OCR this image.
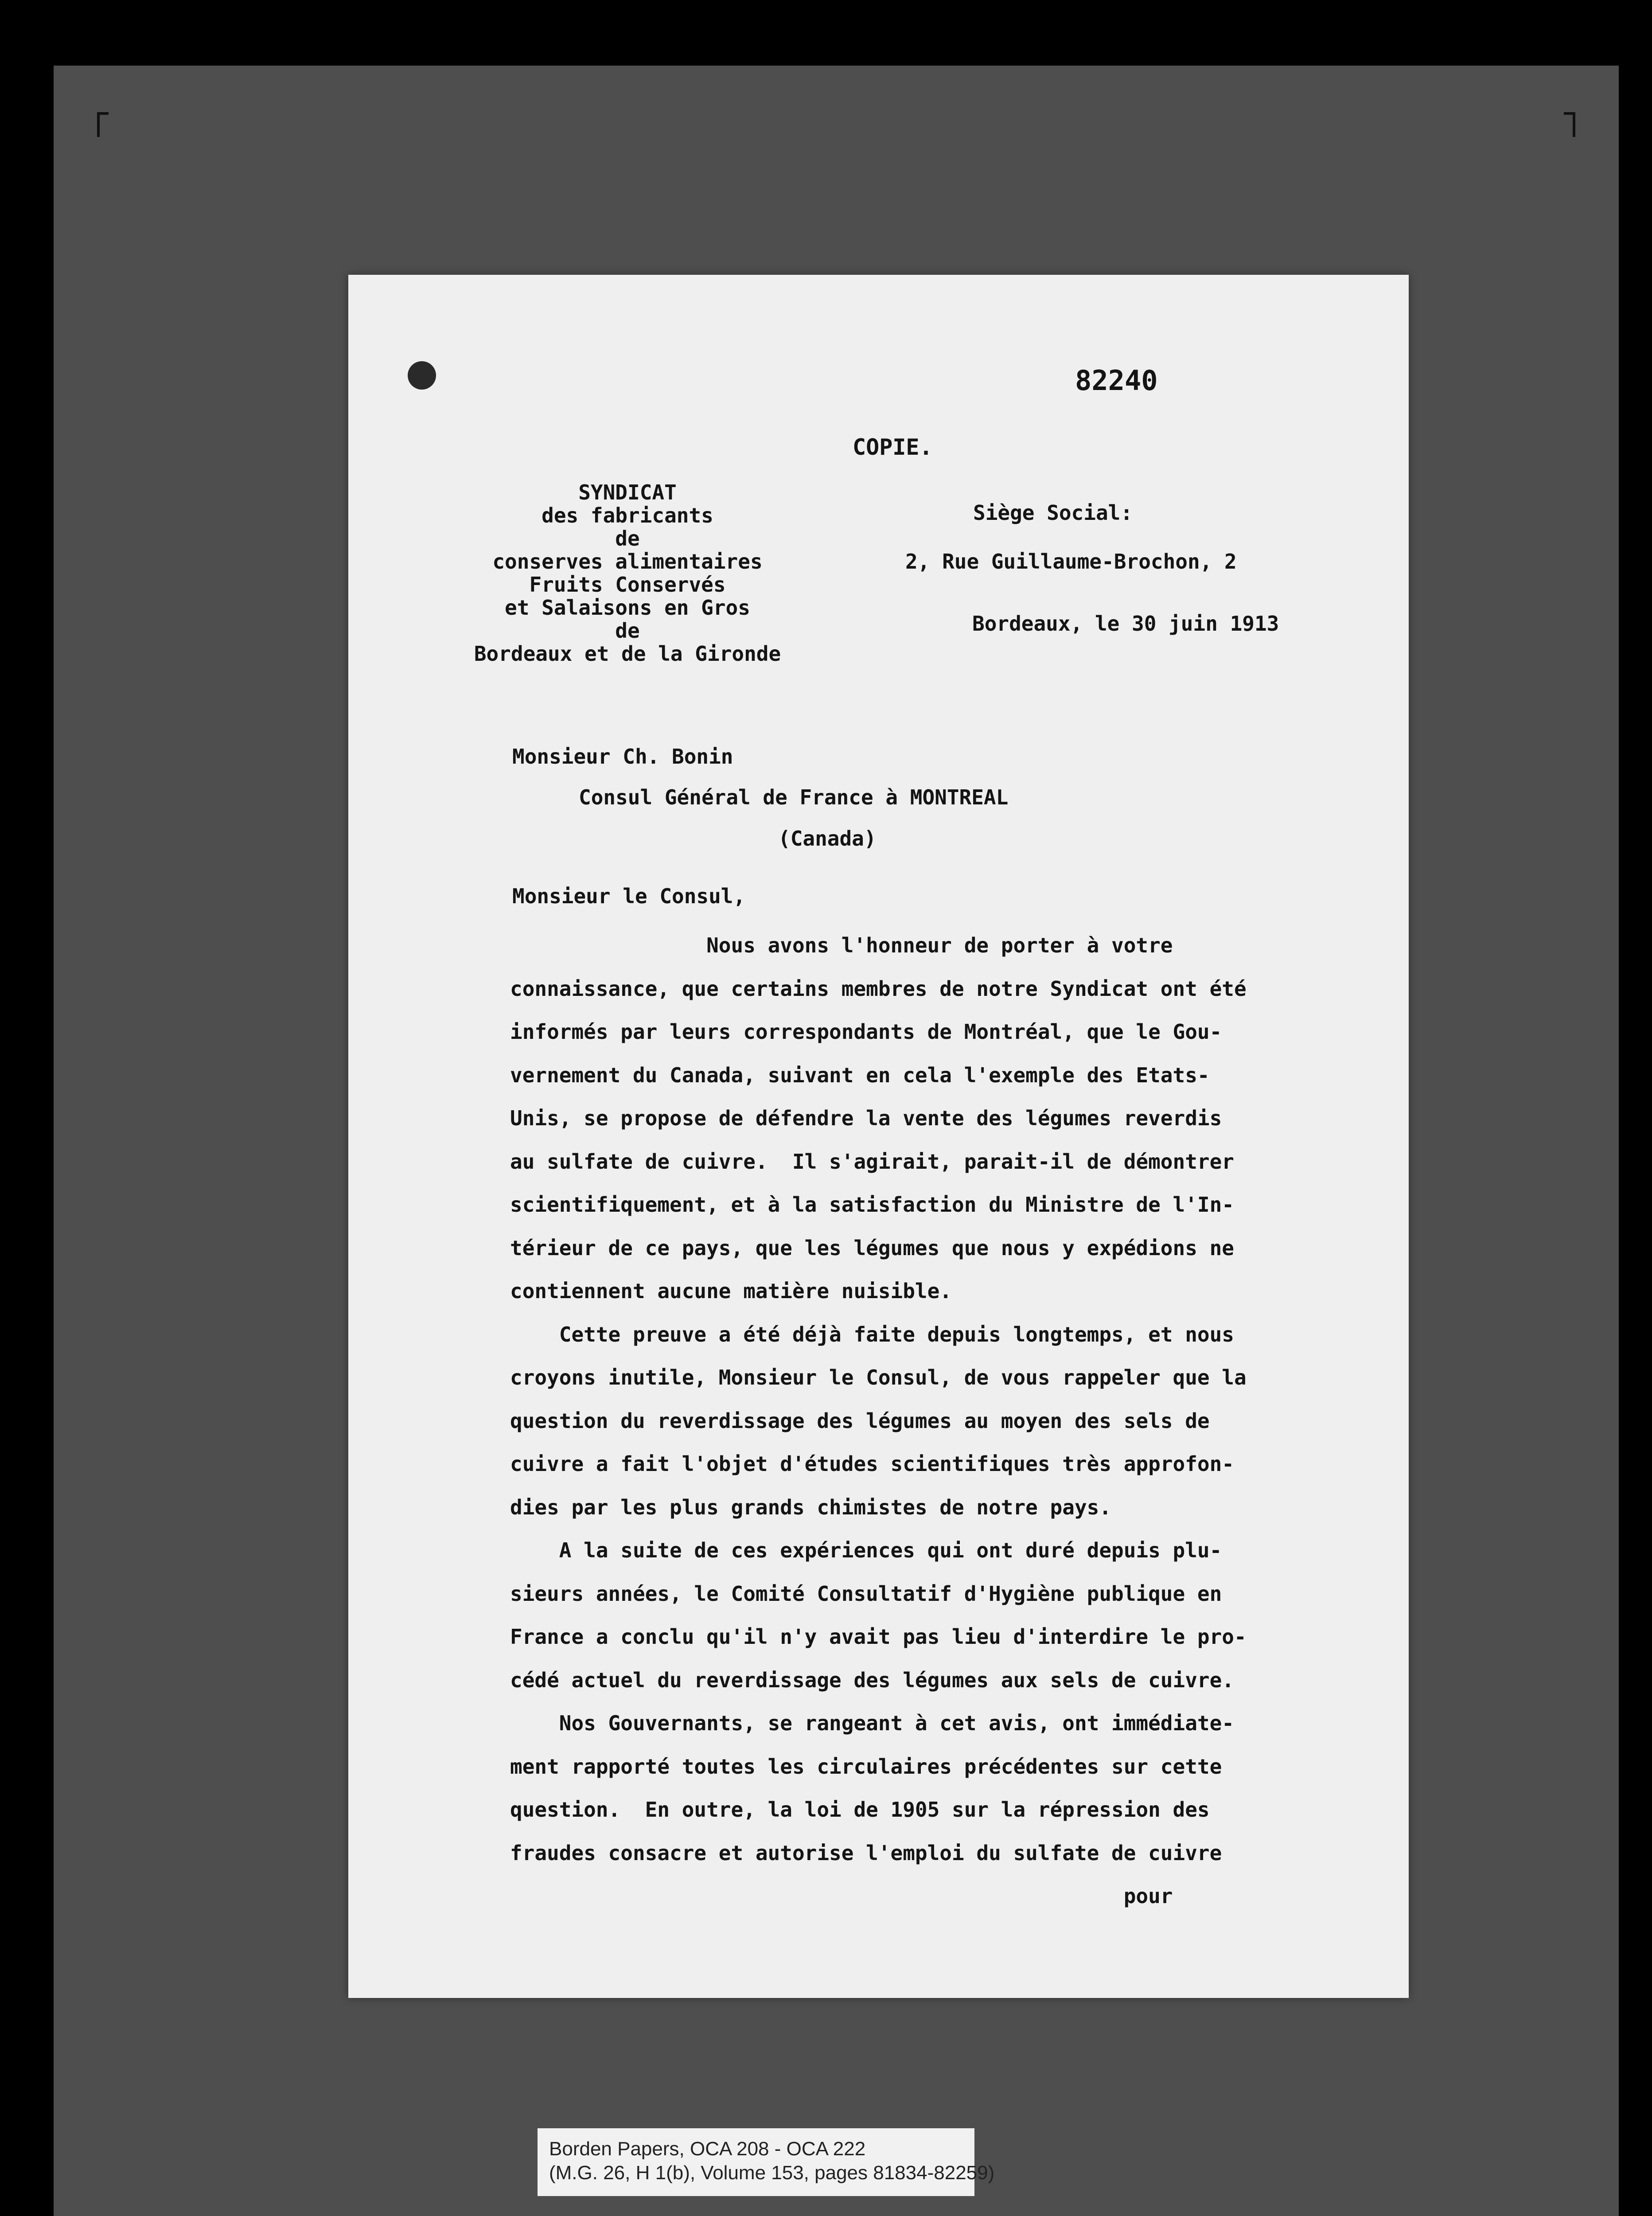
82240
COPIE.
SYNDICAT
des fabricants
de
conserves alimentaires
Fruits Conservés
et Salaisons en Gros
de
Bordeaux et de la Gironde
Siège Social:
2, Rue Guillaume-Brochon, 2
Bordeaux, le 30 juin 1913
Monsieur Ch. Bonin
Consul Général de France à MONTREAL
(Canada)
Monsieur le Consul,
Nous avons l'honneur de porter à votre
connaissance, que certains membres de notre Syndicat ont été
informés par leurs correspondants de Montréal, que le Gou-
vernement du Canada, suivant en cela l'exemple des Etats-
Unis, se propose de défendre la vente des légumes reverdis
au sulfate de cuivre.  Il s'agirait, parait-il de démontrer
scientifiquement, et à la satisfaction du Ministre de l'In-
térieur de ce pays, que les légumes que nous y expédions ne
contiennent aucune matière nuisible.
Cette preuve a été déjà faite depuis longtemps, et nous
croyons inutile, Monsieur le Consul, de vous rappeler que la
question du reverdissage des légumes au moyen des sels de
cuivre a fait l'objet d'études scientifiques très approfon-
dies par les plus grands chimistes de notre pays.
A la suite de ces expériences qui ont duré depuis plu-
sieurs années, le Comité Consultatif d'Hygiène publique en
France a conclu qu'il n'y avait pas lieu d'interdire le pro-
cédé actuel du reverdissage des légumes aux sels de cuivre.
Nos Gouvernants, se rangeant à cet avis, ont immédiate-
ment rapporté toutes les circulaires précédentes sur cette
question.  En outre, la loi de 1905 sur la répression des
fraudes consacre et autorise l'emploi du sulfate de cuivre
pour
Borden Papers, OCA 208 - OCA 222
(M.G. 26, H 1(b), Volume 153, pages 81834-82259)
